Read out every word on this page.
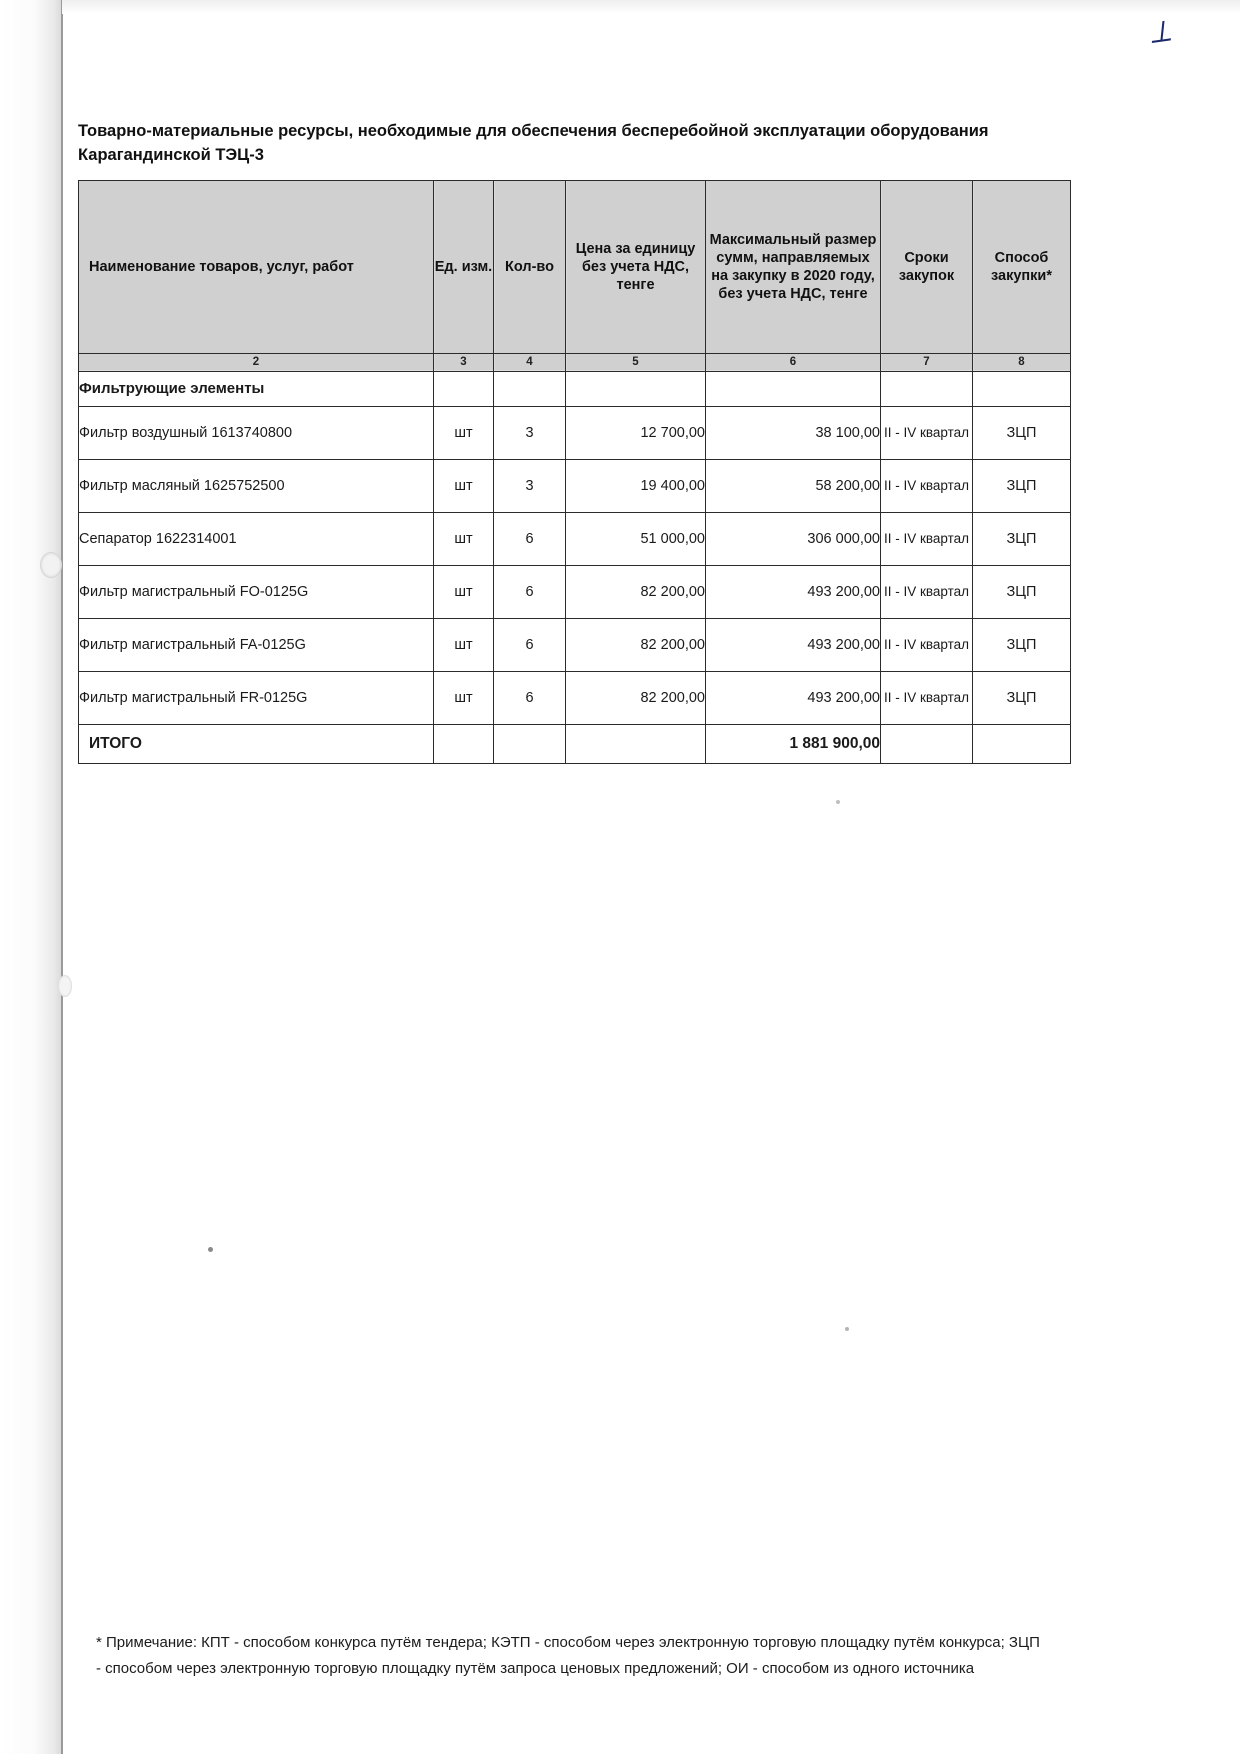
⟂
Товарно-материальные ресурсы, необходимые для обеспечения бесперебойной эксплуатации оборудования Карагандинской ТЭЦ-3
Наименование товаров, услуг, работ	Ед. изм.	Кол-во	Цена за единицу без учета НДС, тенге	Максимальный размер сумм, направляемых на закупку в 2020 году, без учета НДС, тенге	Сроки закупок	Способ закупки*
2	3	4	5	6	7	8
Фильтрующие элементы						
Фильтр воздушный 1613740800	шт	3	12 700,00	38 100,00	II - IV квартал	ЗЦП
Фильтр масляный 1625752500	шт	3	19 400,00	58 200,00	II - IV квартал	ЗЦП
Сепаратор 1622314001	шт	6	51 000,00	306 000,00	II - IV квартал	ЗЦП
Фильтр магистральный FO-0125G	шт	6	82 200,00	493 200,00	II - IV квартал	ЗЦП
Фильтр магистральный FA-0125G	шт	6	82 200,00	493 200,00	II - IV квартал	ЗЦП
Фильтр магистральный FR-0125G	шт	6	82 200,00	493 200,00	II - IV квартал	ЗЦП
ИТОГО				1 881 900,00		

* Примечание: КПТ - способом конкурса путём тендера; КЭТП - способом через электронную торговую площадку путём конкурса; ЗЦП - способом через электронную торговую площадку путём запроса ценовых предложений; ОИ - способом из одного источника
